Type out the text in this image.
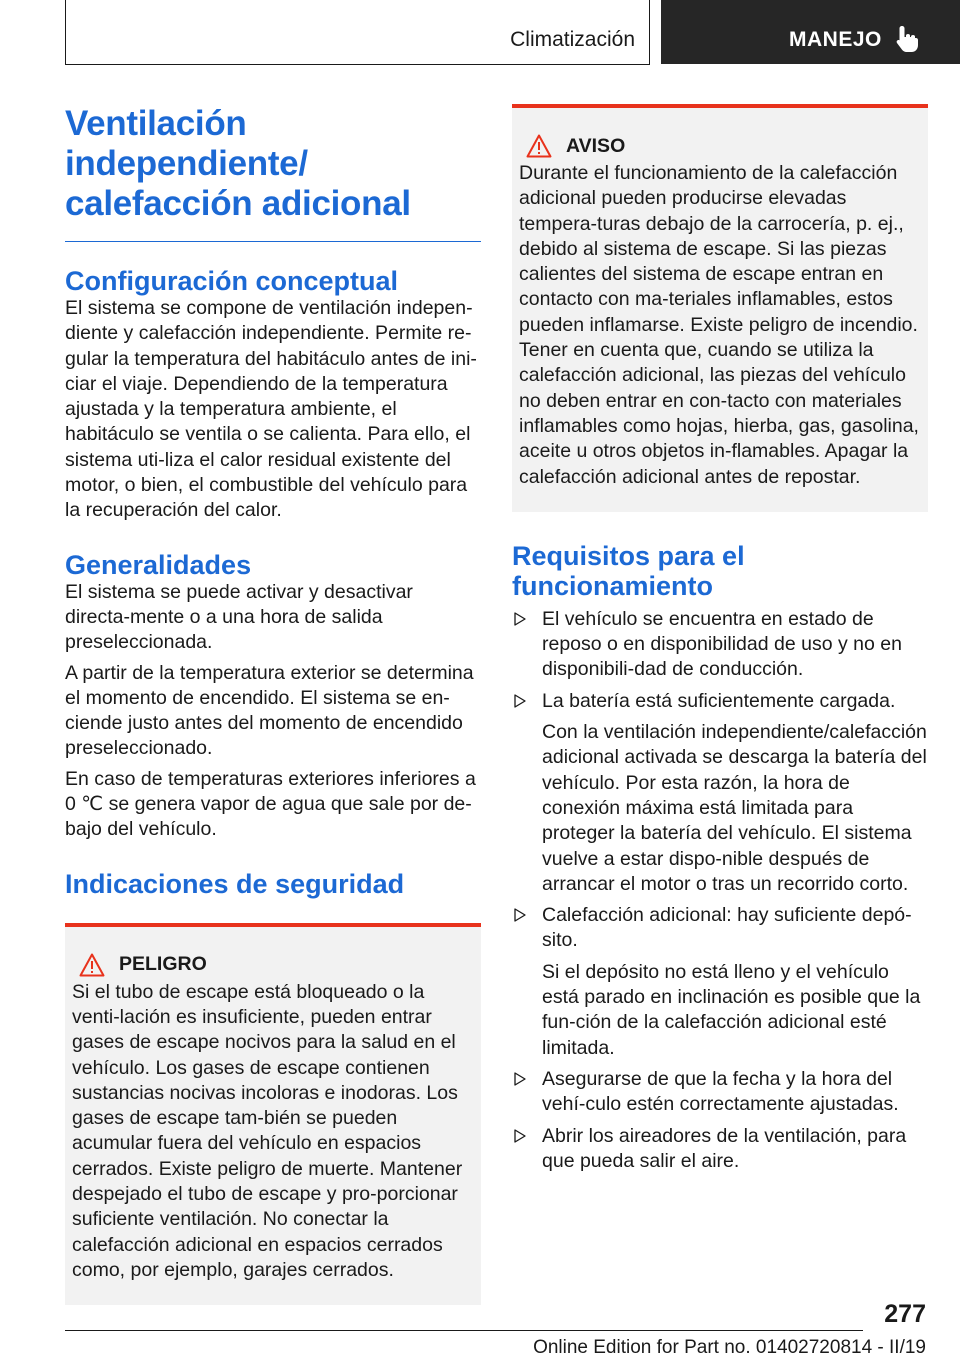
Climatización	MANEJO
Ventilación independiente/
calefacción adicional
Configuración conceptual

El sistema se compone de ventilación indepen-diente y calefacción independiente. Permite re-gular la temperatura del habitáculo antes de ini-ciar el viaje. Dependiendo de la temperatura ajustada y la temperatura ambiente, el habitáculo se ventila o se calienta. Para ello, el sistema uti-liza el calor residual existente del motor, o bien, el combustible del vehículo para la recuperación del calor.

Generalidades

El sistema se puede activar y desactivar directa-mente o a una hora de salida preseleccionada.

A partir de la temperatura exterior se determina el momento de encendido. El sistema se en-ciende justo antes del momento de encendido preseleccionado.

En caso de temperaturas exteriores inferiores a 0 ℃ se genera vapor de agua que sale por de-bajo del vehículo.

Indicaciones de seguridad
PELIGRO

Si el tubo de escape está bloqueado o la venti-lación es insuficiente, pueden entrar gases de escape nocivos para la salud en el vehículo. Los gases de escape contienen sustancias nocivas incoloras e inodoras. Los gases de escape tam-bién se pueden acumular fuera del vehículo en espacios cerrados. Existe peligro de muerte. Mantener despejado el tubo de escape y pro-porcionar suficiente ventilación. No conectar la calefacción adicional en espacios cerrados como, por ejemplo, garajes cerrados.

AVISO

Durante el funcionamiento de la calefacción adicional pueden producirse elevadas tempera-turas debajo de la carrocería, p. ej., debido al sistema de escape. Si las piezas calientes del sistema de escape entran en contacto con ma-teriales inflamables, estos pueden inflamarse. Existe peligro de incendio. Tener en cuenta que, cuando se utiliza la calefacción adicional, las piezas del vehículo no deben entrar en con-tacto con materiales inflamables como hojas, hierba, gas, gasolina, aceite u otros objetos in-flamables. Apagar la calefacción adicional antes de repostar.

Requisitos para el
funcionamiento

El vehículo se encuentra en estado de reposo o en disponibilidad de uso y no en disponibili-dad de conducción.

La batería está suficientemente cargada.

Con la ventilación independiente/calefacción adicional activada se descarga la batería del vehículo. Por esta razón, la hora de conexión máxima está limitada para proteger la batería del vehículo. El sistema vuelve a estar dispo-nible después de arrancar el motor o tras un recorrido corto.

Calefacción adicional: hay suficiente depó-sito.

Si el depósito no está lleno y el vehículo está parado en inclinación es posible que la fun-ción de la calefacción adicional esté limitada.

Asegurarse de que la fecha y la hora del vehí-culo estén correctamente ajustadas.

Abrir los aireadores de la ventilación, para que pueda salir el aire.

277
Online Edition for Part no. 01402720814 - II/19
